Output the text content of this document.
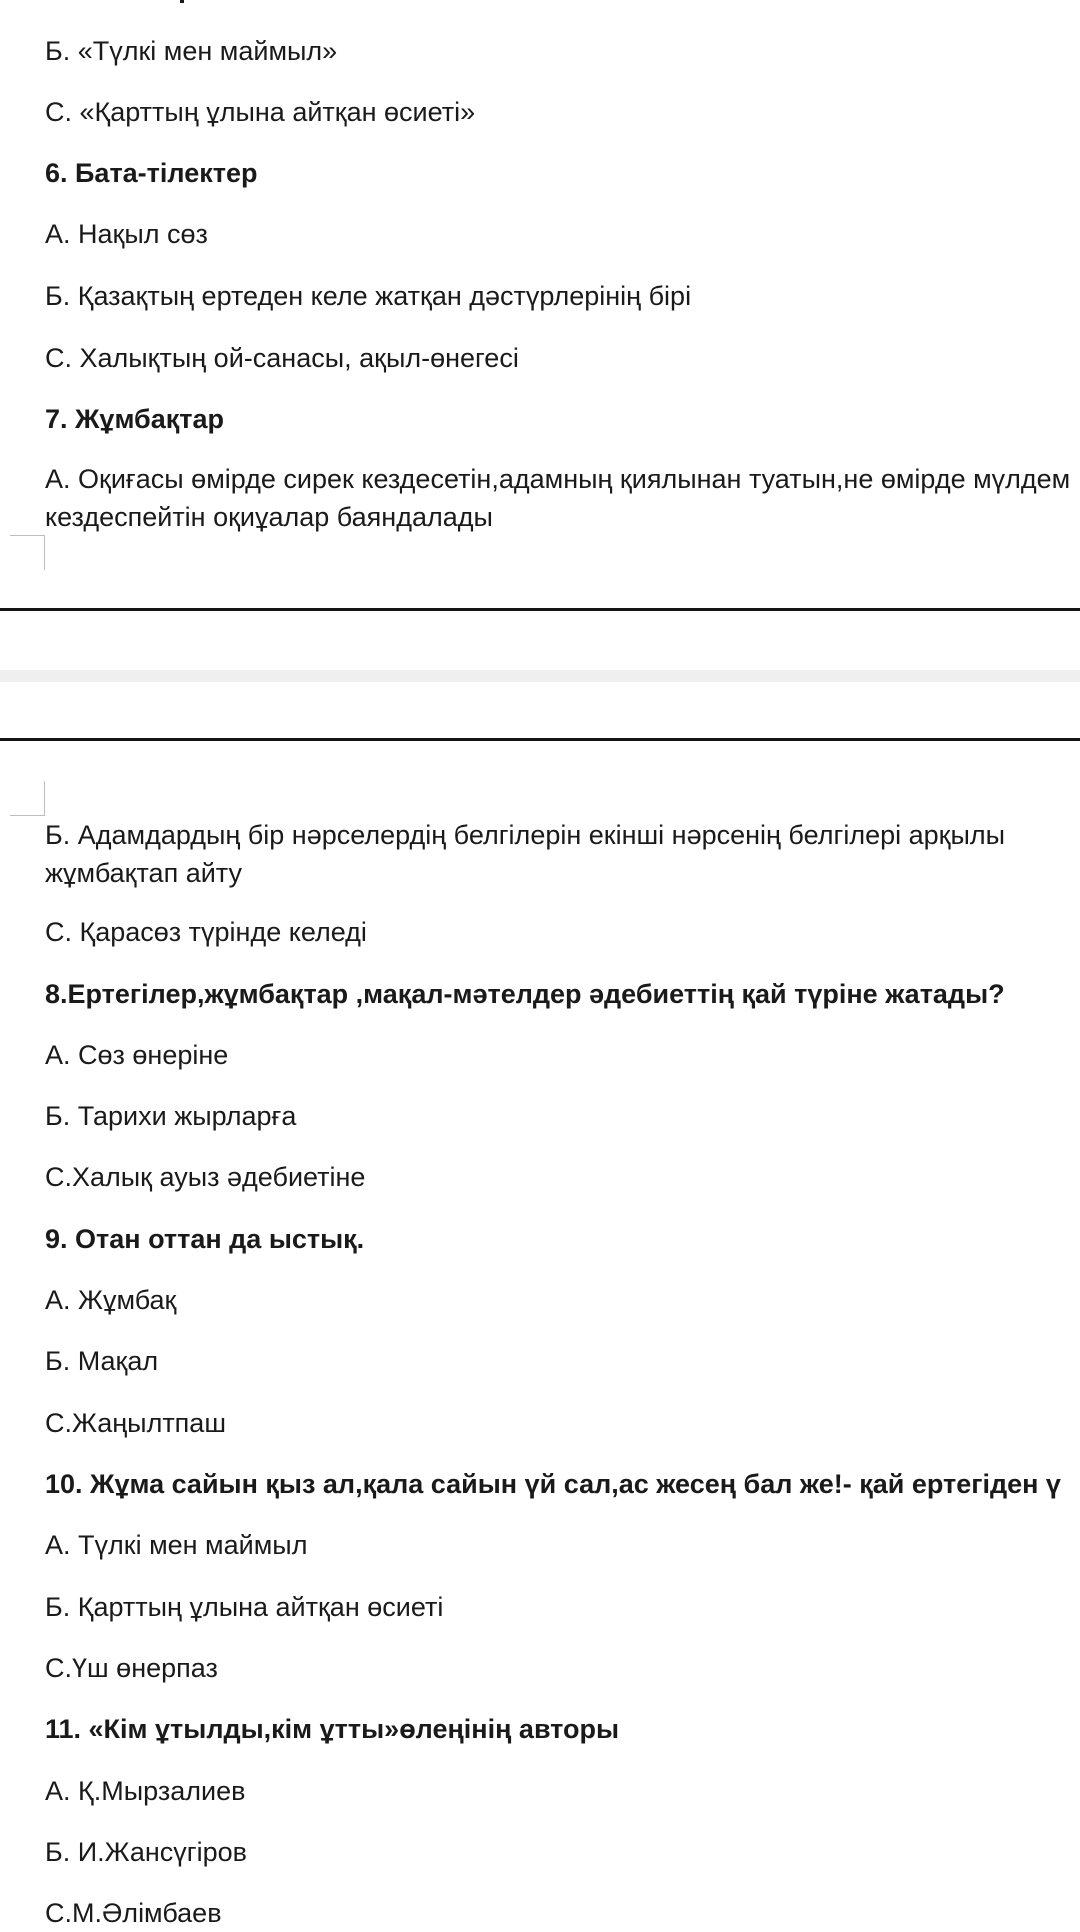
Б. «Түлкі мен маймыл»
С. «Қарттың ұлына айтқан өсиеті»
6. Бата-тілектер
А. Нақыл сөз
Б. Қазақтың ертеден келе жатқан дәстүрлерінің бірі
С. Халықтың ой-санасы, ақыл-өнегесі
7. Жұмбақтар
А. Оқиғасы өмірде сирек кездесетін,адамның қиялынан туатын,не өмірде мүлдем кездеспейтін оқиұалар баяндалады
Б. Адамдардың бір нәрселердің белгілерін екінші нәрсенің белгілері арқылы жұмбақтап айту
С. Қарасөз түрінде келеді
8.Ертегілер,жұмбақтар ,мақал-мәтелдер әдебиеттің қай түріне жатады?
А. Сөз өнеріне
Б. Тарихи жырларға
С.Халық ауыз әдебиетіне
9. Отан оттан да ыстық.
А. Жұмбақ
Б. Мақал
С.Жаңылтпаш
10. Жұма сайын қыз ал,қала сайын үй сал,ас жесең бал же!- қай ертегіден ү
А. Түлкі мен маймыл
Б. Қарттың ұлына айтқан өсиеті
С.Үш өнерпаз
11. «Кім ұтылды,кім ұтты»өлеңінің авторы
А. Қ.Мырзалиев
Б. И.Жансүгіров
С.М.Әлімбаев
